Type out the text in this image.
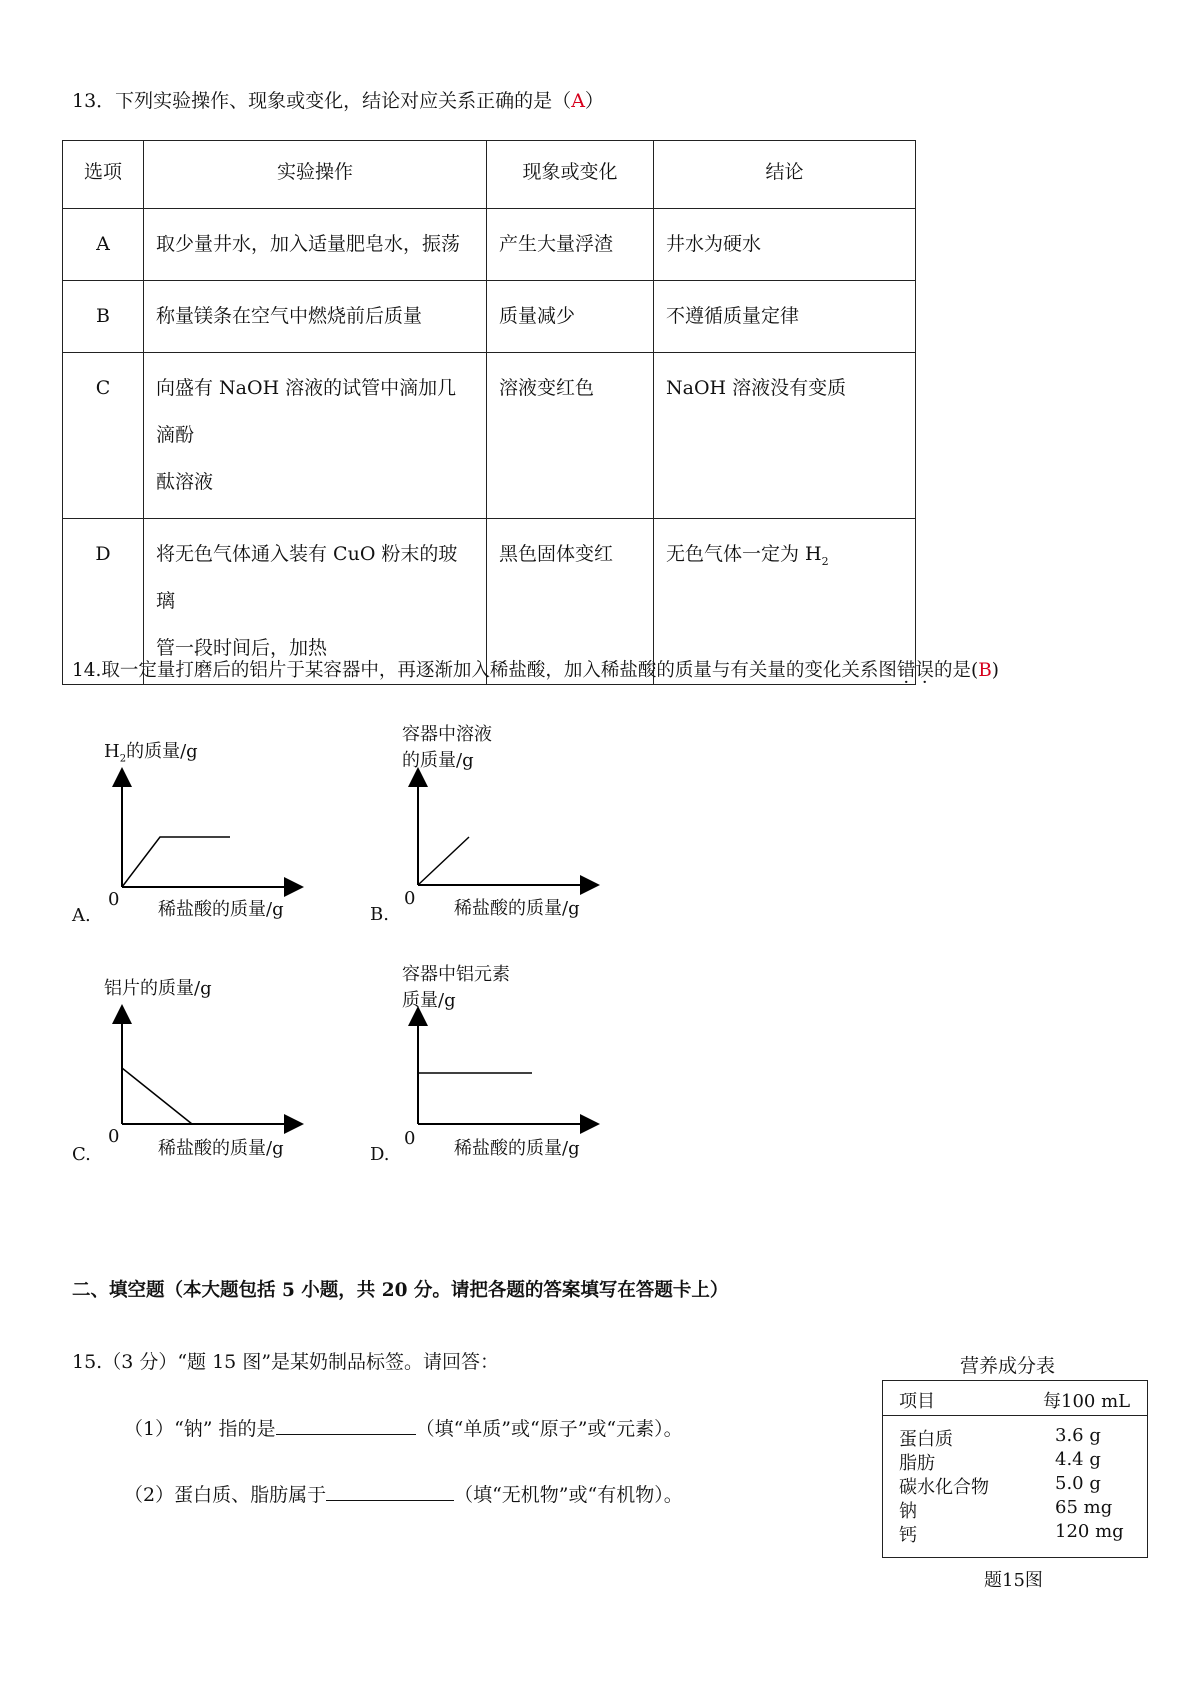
13．下列实验操作、现象或变化，结论对应关系正确的是（A）
选项	实验操作	现象或变化	结论
A	取少量井水，加入适量肥皂水，振荡	产生大量浮渣	井水为硬水
B	称量镁条在空气中燃烧前后质量	质量减少	不遵循质量定律
C	向盛有 NaOH 溶液的试管中滴加几滴酚
酞溶液	溶液变红色	NaOH 溶液没有变质
D	将无色气体通入装有 CuO 粉末的玻璃
管一段时间后，加热	黑色固体变红	无色气体一定为 $H_2$
14.取一定量打磨后的铝片于某容器中，再逐渐加入稀盐酸，加入稀盐酸的质量与有关量的变化关系图错误的是(B)
$H_2$的质量/g
0 稀盐酸的质量/g
A.
容器中溶液
的质量/g
0 稀盐酸的质量/g
B.
铝片的质量/g
0
稀盐酸的质量/g
C.
容器中铝元素
质量/g
0 稀盐酸的质量/g
D.
二、填空题（本大题包括 5 小题，共 20 分。请把各题的答案填写在答题卡上）
15.（3 分）“题 15 图”是某奶制品标签。请回答：
（1）“钠” 指的是	（填“单质”或“原子”或“元素）。
（2）蛋白质、脂肪属于	（填“无机物”或“有机物）。
营养成分表
项目	每100 mL
蛋白质	3.6 g
脂肪	4.4 g
碳水化合物	5.0 g
钠	65 mg
钙	120 mg
题15图
